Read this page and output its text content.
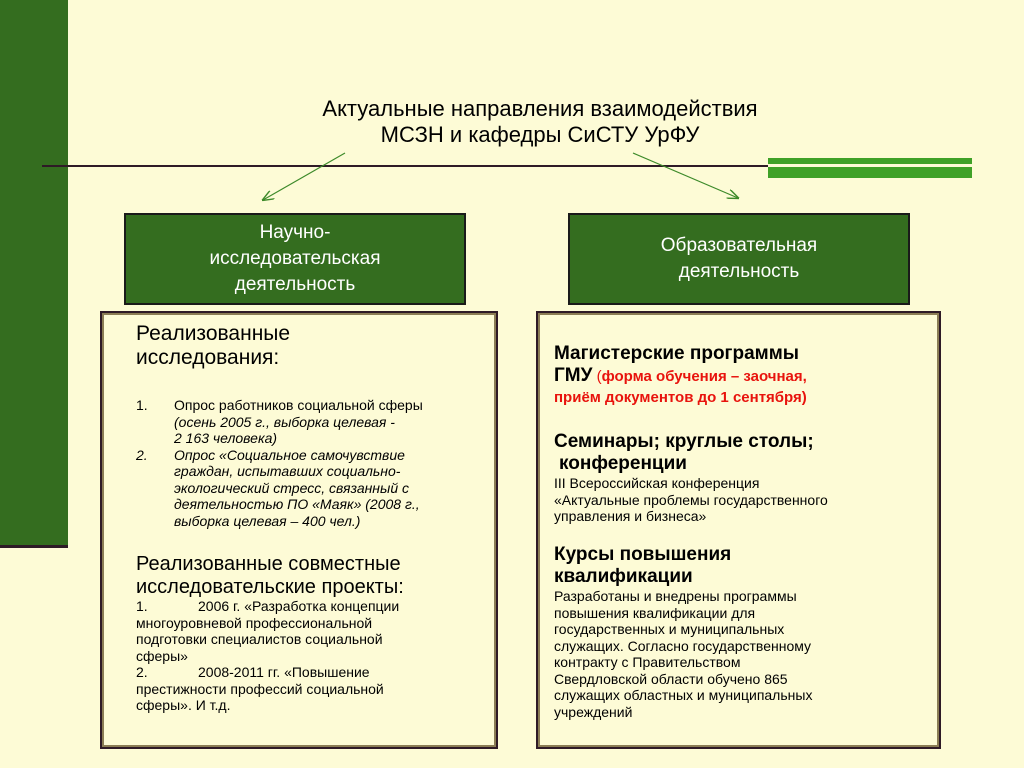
Актуальные направления взаимодействия
МСЗН и кафедры СиСТУ УрФУ
Научно-
исследовательская
деятельность
Образовательная
деятельность
Реализованные
исследования:
1.	Опрос работников социальной сферы
(осень 2005 г., выборка целевая -
2 163 человека)
2.	Опрос «Социальное самочувствие
граждан, испытавших социально-
экологический стресс, связанный с
деятельностью ПО «Маяк» (2008 г.,
выборка целевая – 400 чел.)
Реализованные совместные
исследовательские проекты:
1.	2006 г. «Разработка концепции
многоуровневой профессиональной
подготовки специалистов социальной
сферы»
2.	2008-2011 гг. «Повышение
престижности профессий социальной
сферы». И т.д.
Магистерские программы
ГМУ (форма обучения – заочная,
приём документов до 1 сентября)
Семинары; круглые столы;
конференции
III Всероссийская конференция
«Актуальные проблемы государственного
управления и бизнеса»
Курсы повышения
квалификации
Разработаны и внедрены программы
повышения квалификации для
государственных и муниципальных
служащих. Согласно государственному
контракту с Правительством
Свердловской области обучено 865
служащих областных и муниципальных
учреждений
